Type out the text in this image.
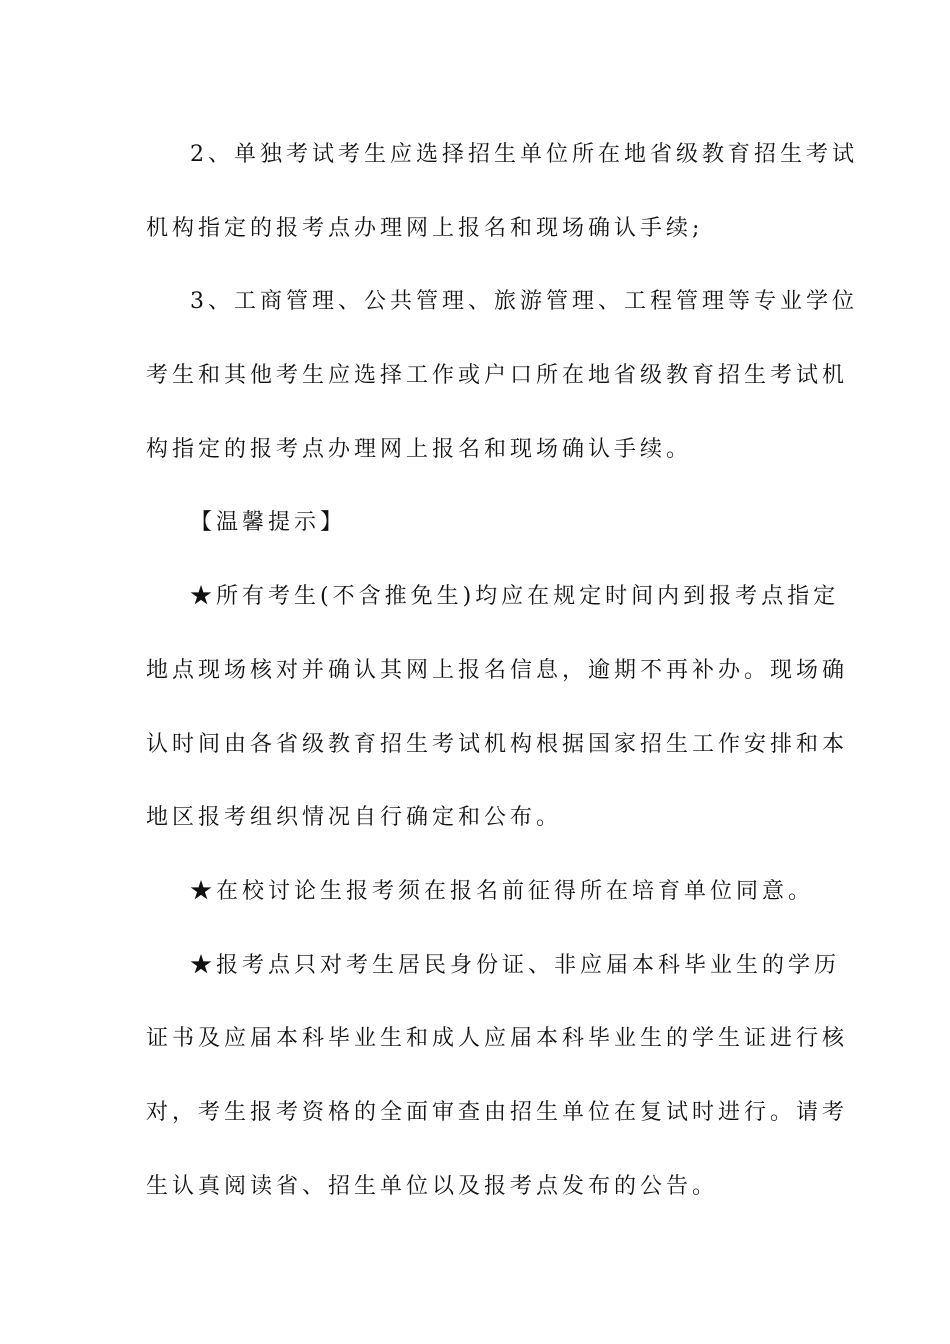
2、单独考试考生应选择招生单位所在地省级教育招生考试
机构指定的报考点办理网上报名和现场确认手续;
3、工商管理、公共管理、旅游管理、工程管理等专业学位
考生和其他考生应选择工作或户口所在地省级教育招生考试机
构指定的报考点办理网上报名和现场确认手续。
【温馨提示】
★所有考生(不含推免生)均应在规定时间内到报考点指定
地点现场核对并确认其网上报名信息，逾期不再补办。现场确
认时间由各省级教育招生考试机构根据国家招生工作安排和本
地区报考组织情况自行确定和公布。
★在校讨论生报考须在报名前征得所在培育单位同意。
★报考点只对考生居民身份证、非应届本科毕业生的学历
证书及应届本科毕业生和成人应届本科毕业生的学生证进行核
对，考生报考资格的全面审查由招生单位在复试时进行。请考
生认真阅读省、招生单位以及报考点发布的公告。
